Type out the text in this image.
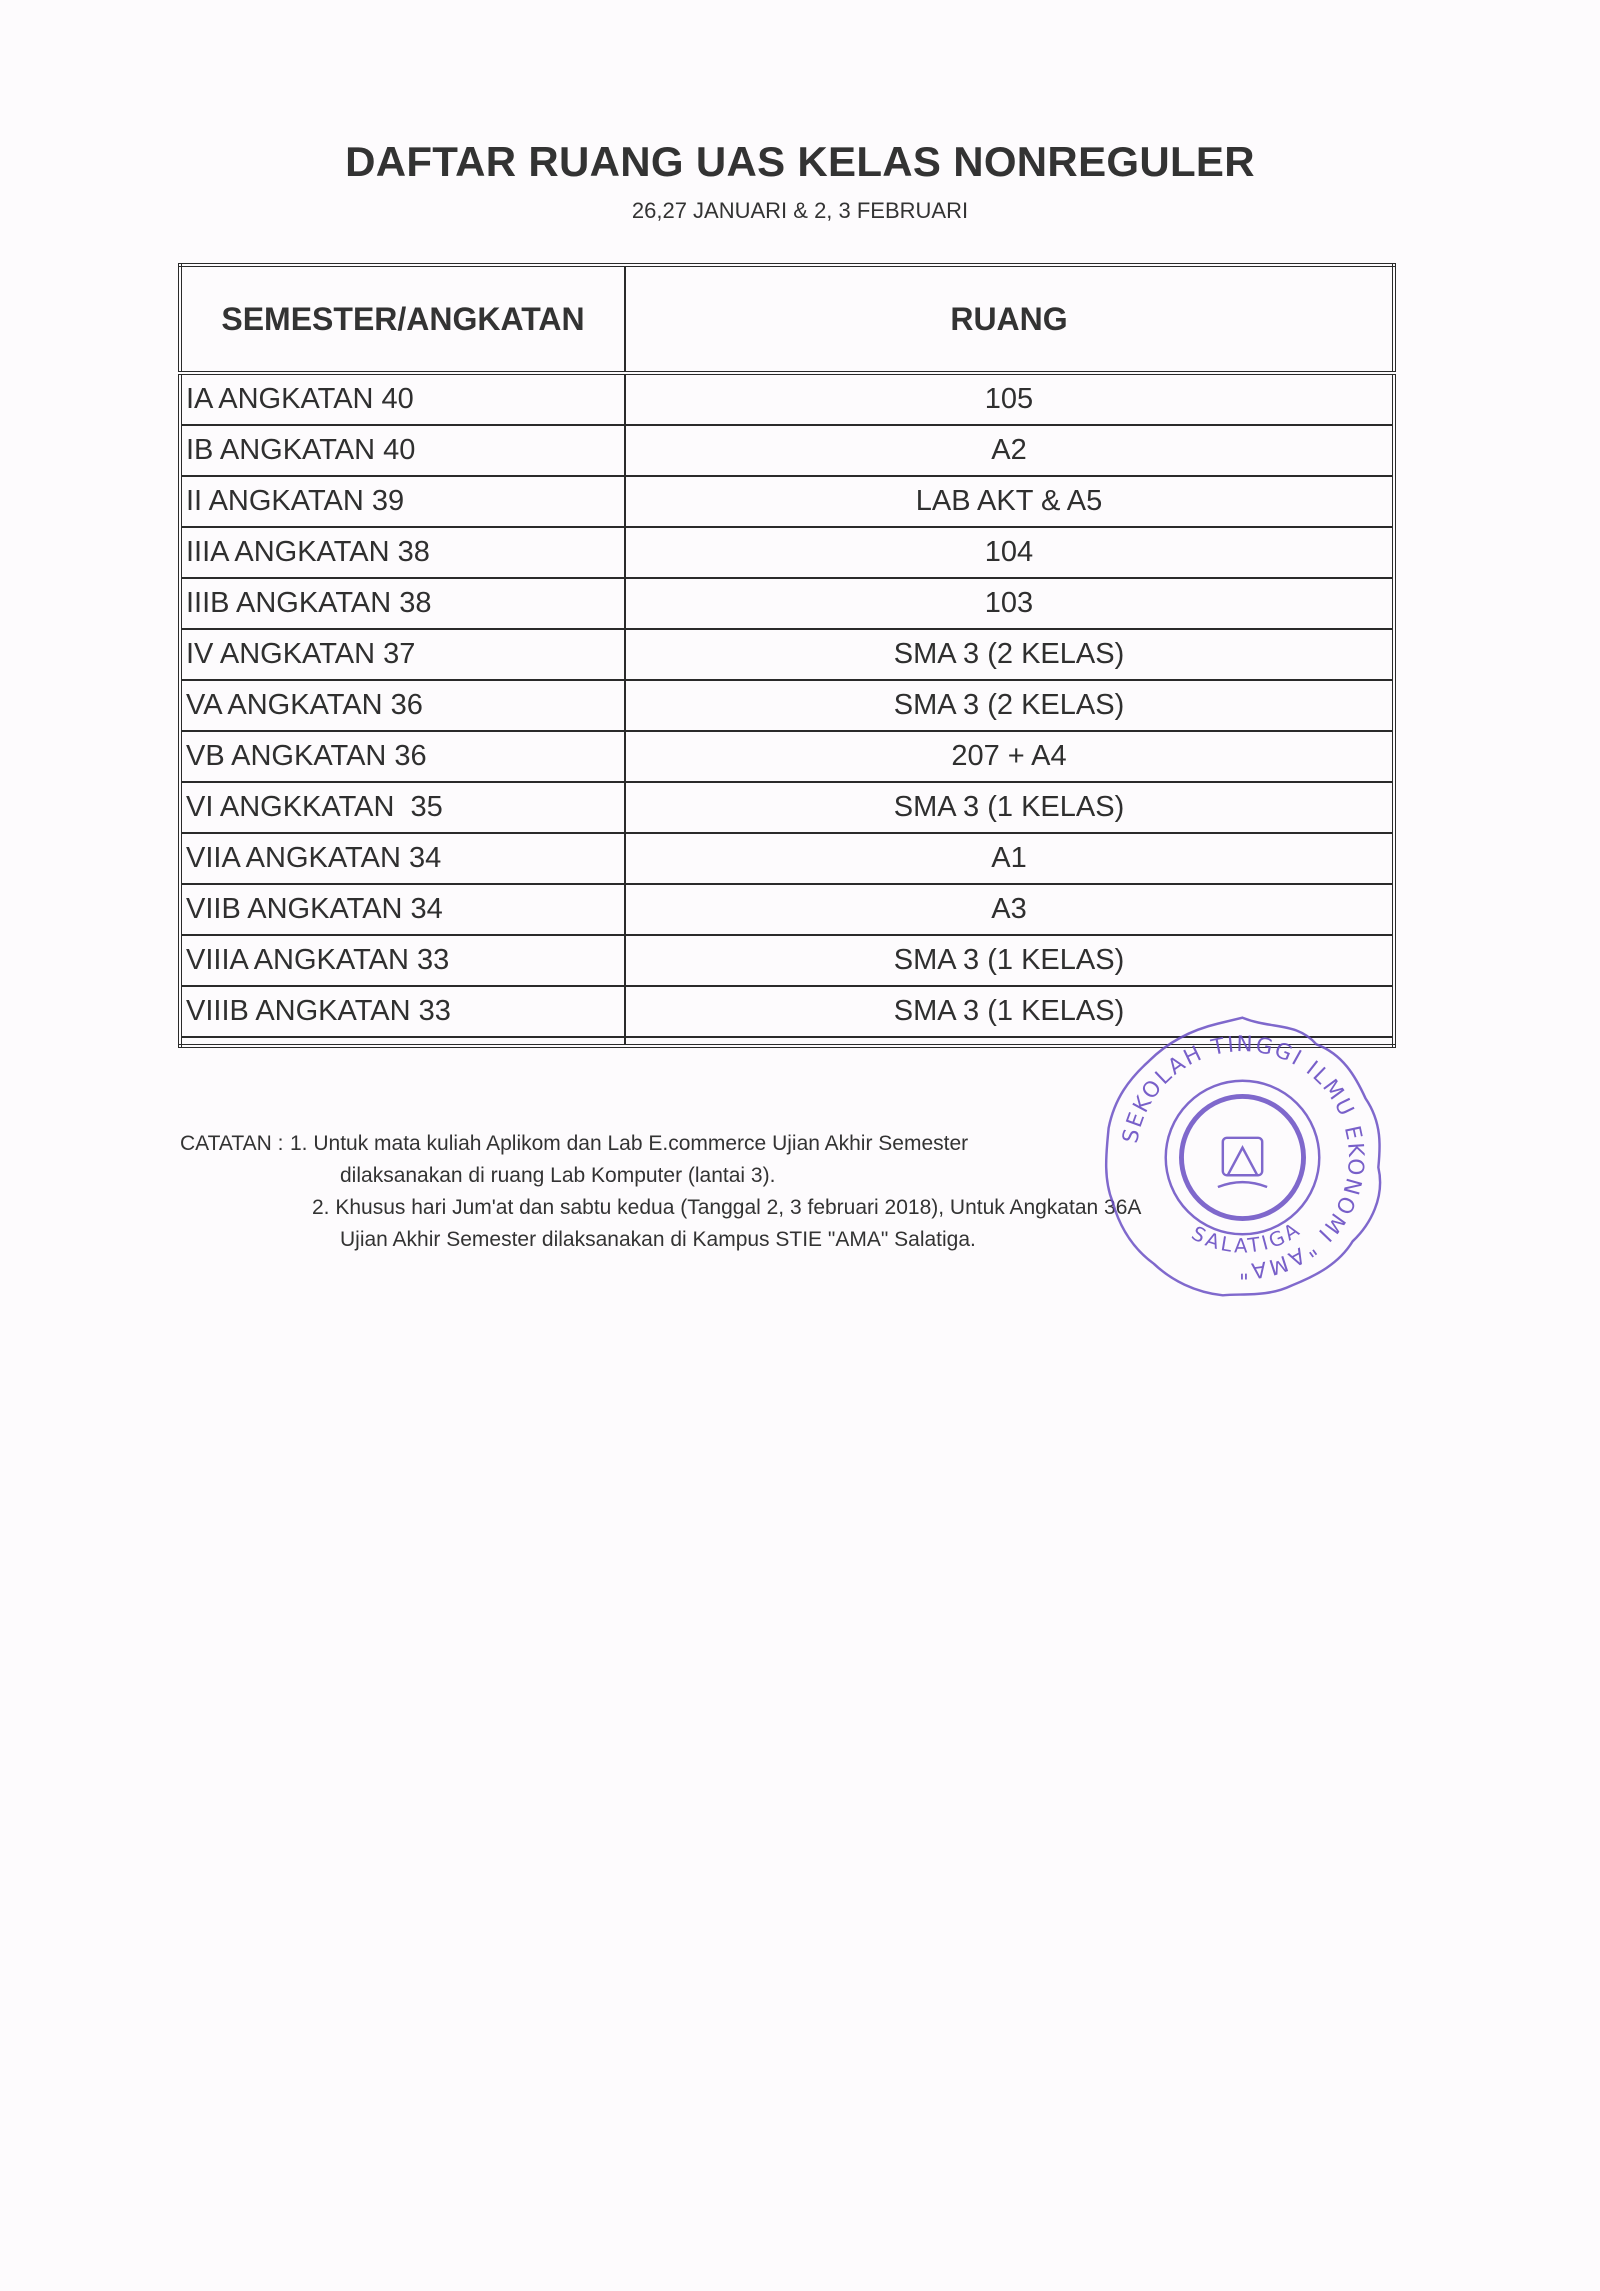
DAFTAR RUANG UAS KELAS NONREGULER
26,27 JANUARI & 2, 3 FEBRUARI
SEMESTER/ANGKATAN	RUANG
IA ANGKATAN 40	105
IB ANGKATAN 40	A2
II ANGKATAN 39	LAB AKT & A5
IIIA ANGKATAN 38	104
IIIB ANGKATAN 38	103
IV ANGKATAN 37	SMA 3 (2 KELAS)
VA ANGKATAN 36	SMA 3 (2 KELAS)
VB ANGKATAN 36	207 + A4
VI ANGKKATAN  35	SMA 3 (1 KELAS)
VIIA ANGKATAN 34	A1
VIIB ANGKATAN 34	A3
VIIIA ANGKATAN 33	SMA 3 (1 KELAS)
VIIIB ANGKATAN 33	SMA 3 (1 KELAS)

CATATAN : 1. Untuk mata kuliah Aplikom dan Lab E.commerce Ujian Akhir Semester
dilaksanakan di ruang Lab Komputer (lantai 3).
2. Khusus hari Jum'at dan sabtu kedua (Tanggal 2, 3 februari 2018), Untuk Angkatan 36A
Ujian Akhir Semester dilaksanakan di Kampus STIE "AMA" Salatiga.
SEKOLAH TINGGI ILMU EKONOMI "AMA"
SALATIGA
